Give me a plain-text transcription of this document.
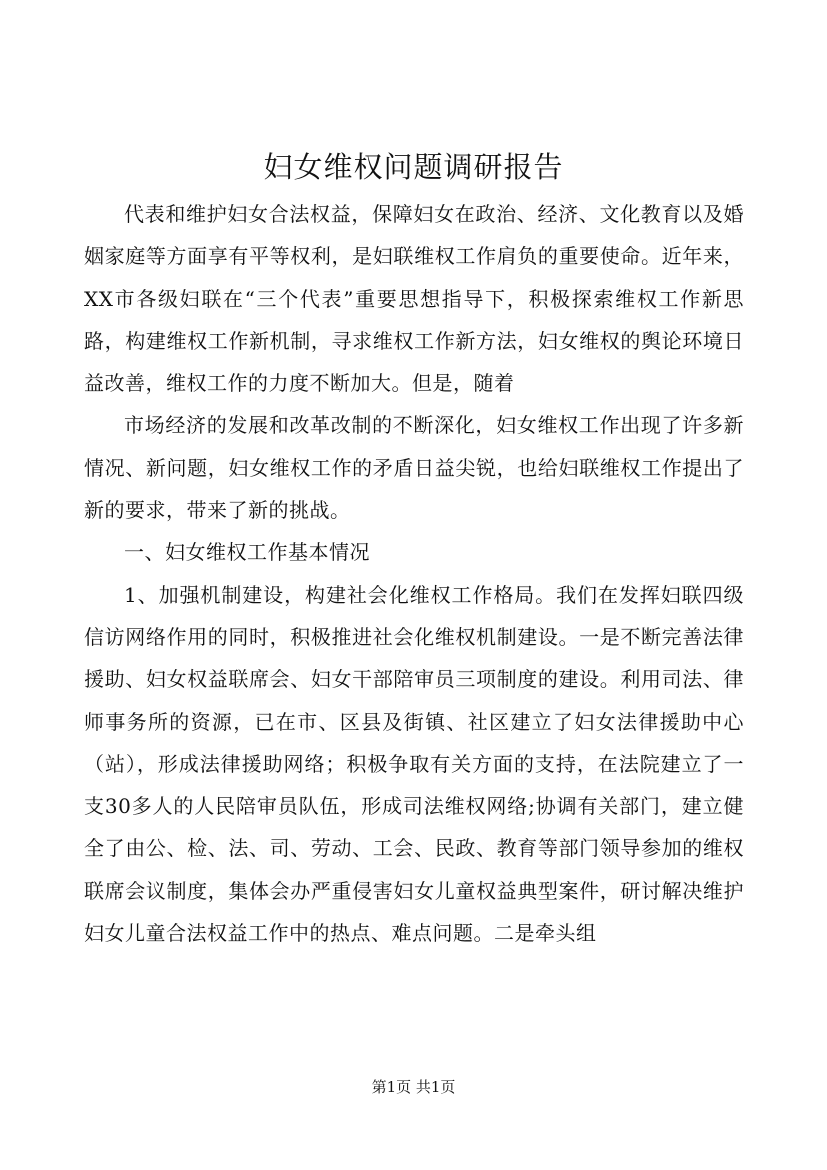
妇女维权问题调研报告

代表和维护妇女合法权益，保障妇女在政治、经济、文化教育以及婚姻家庭等方面享有平等权利，是妇联维权工作肩负的重要使命。近年来，XX市各级妇联在“三个代表”重要思想指导下，积极探索维权工作新思路，构建维权工作新机制，寻求维权工作新方法，妇女维权的舆论环境日益改善，维权工作的力度不断加大。但是，随着

市场经济的发展和改革改制的不断深化，妇女维权工作出现了许多新情况、新问题，妇女维权工作的矛盾日益尖锐，也给妇联维权工作提出了新的要求，带来了新的挑战。

一、妇女维权工作基本情况

1、加强机制建设，构建社会化维权工作格局。我们在发挥妇联四级信访网络作用的同时，积极推进社会化维权机制建设。一是不断完善法律援助、妇女权益联席会、妇女干部陪审员三项制度的建设。利用司法、律师事务所的资源，已在市、区县及街镇、社区建立了妇女法律援助中心（站），形成法律援助网络；积极争取有关方面的支持，在法院建立了一支30多人的人民陪审员队伍，形成司法维权网络;协调有关部门，建立健全了由公、检、法、司、劳动、工会、民政、教育等部门领导参加的维权联席会议制度，集体会办严重侵害妇女儿童权益典型案件，研讨解决维护妇女儿童合法权益工作中的热点、难点问题。二是牵头组

第1页 共1页
